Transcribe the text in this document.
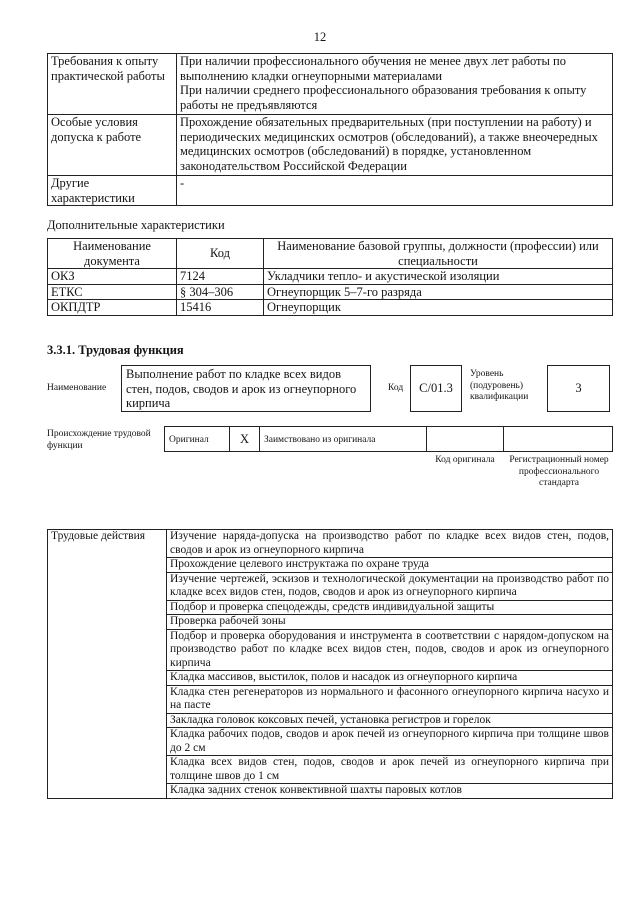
12
Требования к опыту практической работы	При наличии профессионального обучения не менее двух лет работы по выполнению кладки огнеупорными материалами
При наличии среднего профессионального образования требования к опыту работы не предъявляются

Особые условия допуска к работе	Прохождение обязательных предварительных (при поступлении на работу) и периодических медицинских осмотров (обследований), а также внеочередных медицинских осмотров (обследований) в порядке, установленном законодательством Российской Федерации
Другие характеристики	-
Дополнительные характеристики
Наименование документа	Код	Наименование базовой группы, должности (профессии) или специальности
ОКЗ	7124	Укладчики тепло- и акустической изоляции
ЕТКС	§ 304–306	Огнеупорщик 5–7-го разряда
ОКПДТР	15416	Огнеупорщик
3.3.1. Трудовая функция
Наименование
Выполнение работ по кладке всех видов стен, подов, сводов и арок из огнеупорного кирпича
Код	С/01.3
Уровень (подуровень) квалификации
3
Происхождение трудовой функции
Оригинал	Х	Заимствовано из оригинала
Код оригинала	Регистрационный номер профессионального стандарта
Трудовые действия	Изучение наряда-допуска на производство работ по кладке всех видов стен, подов, сводов и арок из огнеупорного кирпича
Прохождение целевого инструктажа по охране труда
Изучение чертежей, эскизов и технологической документации на производство работ по кладке всех видов стен, подов, сводов и арок из огнеупорного кирпича
Подбор и проверка спецодежды, средств индивидуальной защиты
Проверка рабочей зоны
Подбор и проверка оборудования и инструмента в соответствии с нарядом-допуском на производство работ по кладке всех видов стен, подов, сводов и арок из огнеупорного кирпича
Кладка массивов, выстилок, полов и насадок из огнеупорного кирпича
Кладка стен регенераторов из нормального и фасонного огнеупорного кирпича насухо и на пасте
Закладка головок коксовых печей, установка регистров и горелок
Кладка рабочих подов, сводов и арок печей из огнеупорного кирпича при толщине швов до 2 см
Кладка всех видов стен, подов, сводов и арок печей из огнеупорного кирпича при толщине швов до 1 см
Кладка задних стенок конвективной шахты паровых котлов
